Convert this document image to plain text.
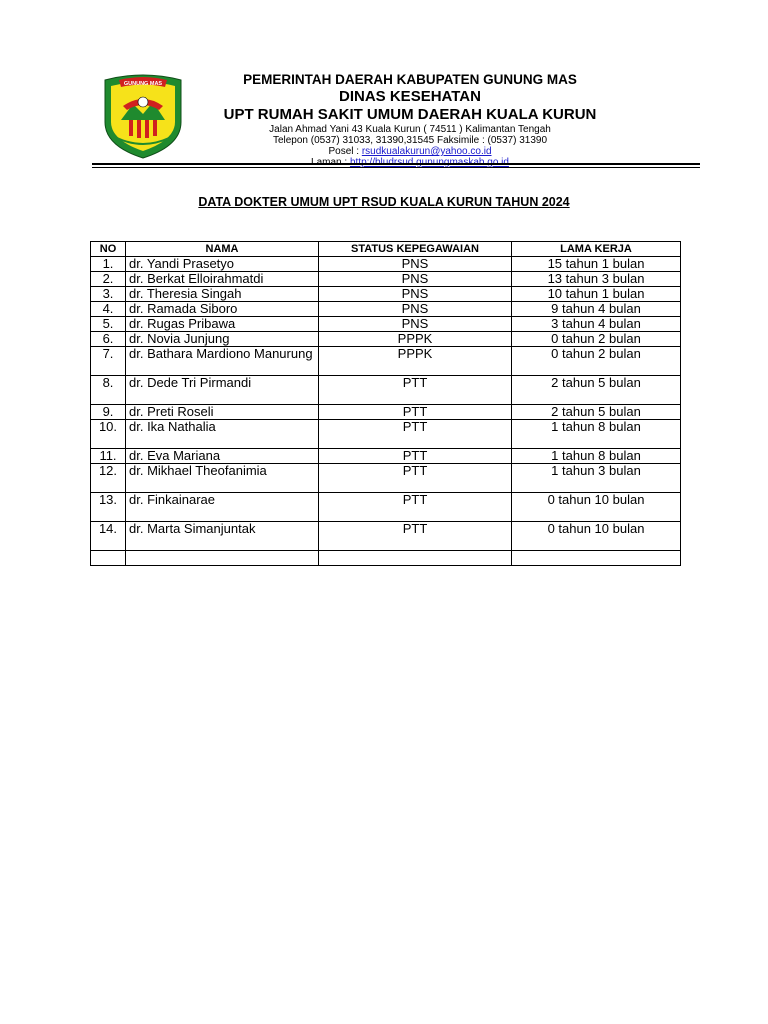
GUNUNG MAS	PEMERINTAH DAERAH KABUPATEN GUNUNG MAS
DINAS KESEHATAN
UPT RUMAH SAKIT UMUM DAERAH KUALA KURUN
Jalan Ahmad Yani 43 Kuala Kurun ( 74511 ) Kalimantan Tengah
Telepon (0537) 31033, 31390,31545 Faksimile : (0537) 31390
Posel : rsudkualakurun@yahoo.co.id
Laman : http://bludrsud.gunungmaskab.go.id
DATA DOKTER UMUM UPT RSUD KUALA KURUN TAHUN 2024
NO	NAMA	STATUS KEPEGAWAIAN	LAMA KERJA
1.	dr. Yandi Prasetyo	PNS	15 tahun 1 bulan
2.	dr. Berkat Elloirahmatdi	PNS	13 tahun 3 bulan
3.	dr. Theresia Singah	PNS	10 tahun 1 bulan
4.	dr. Ramada Siboro	PNS	9 tahun 4 bulan
5.	dr. Rugas Pribawa	PNS	3 tahun 4 bulan
6.	dr. Novia Junjung	PPPK	0 tahun 2 bulan
7.	dr. Bathara Mardiono Manurung	PPPK	0 tahun 2 bulan
8.	dr. Dede Tri Pirmandi	PTT	2 tahun 5 bulan
9.	dr. Preti Roseli	PTT	2 tahun 5 bulan
10.	dr. Ika Nathalia	PTT	1 tahun 8 bulan
11.	dr. Eva Mariana	PTT	1 tahun 8 bulan
12.	dr. Mikhael Theofanimia	PTT	1 tahun 3 bulan
13.	dr. Finkainarae	PTT	0 tahun 10 bulan
14.	dr. Marta Simanjuntak	PTT	0 tahun 10 bulan
